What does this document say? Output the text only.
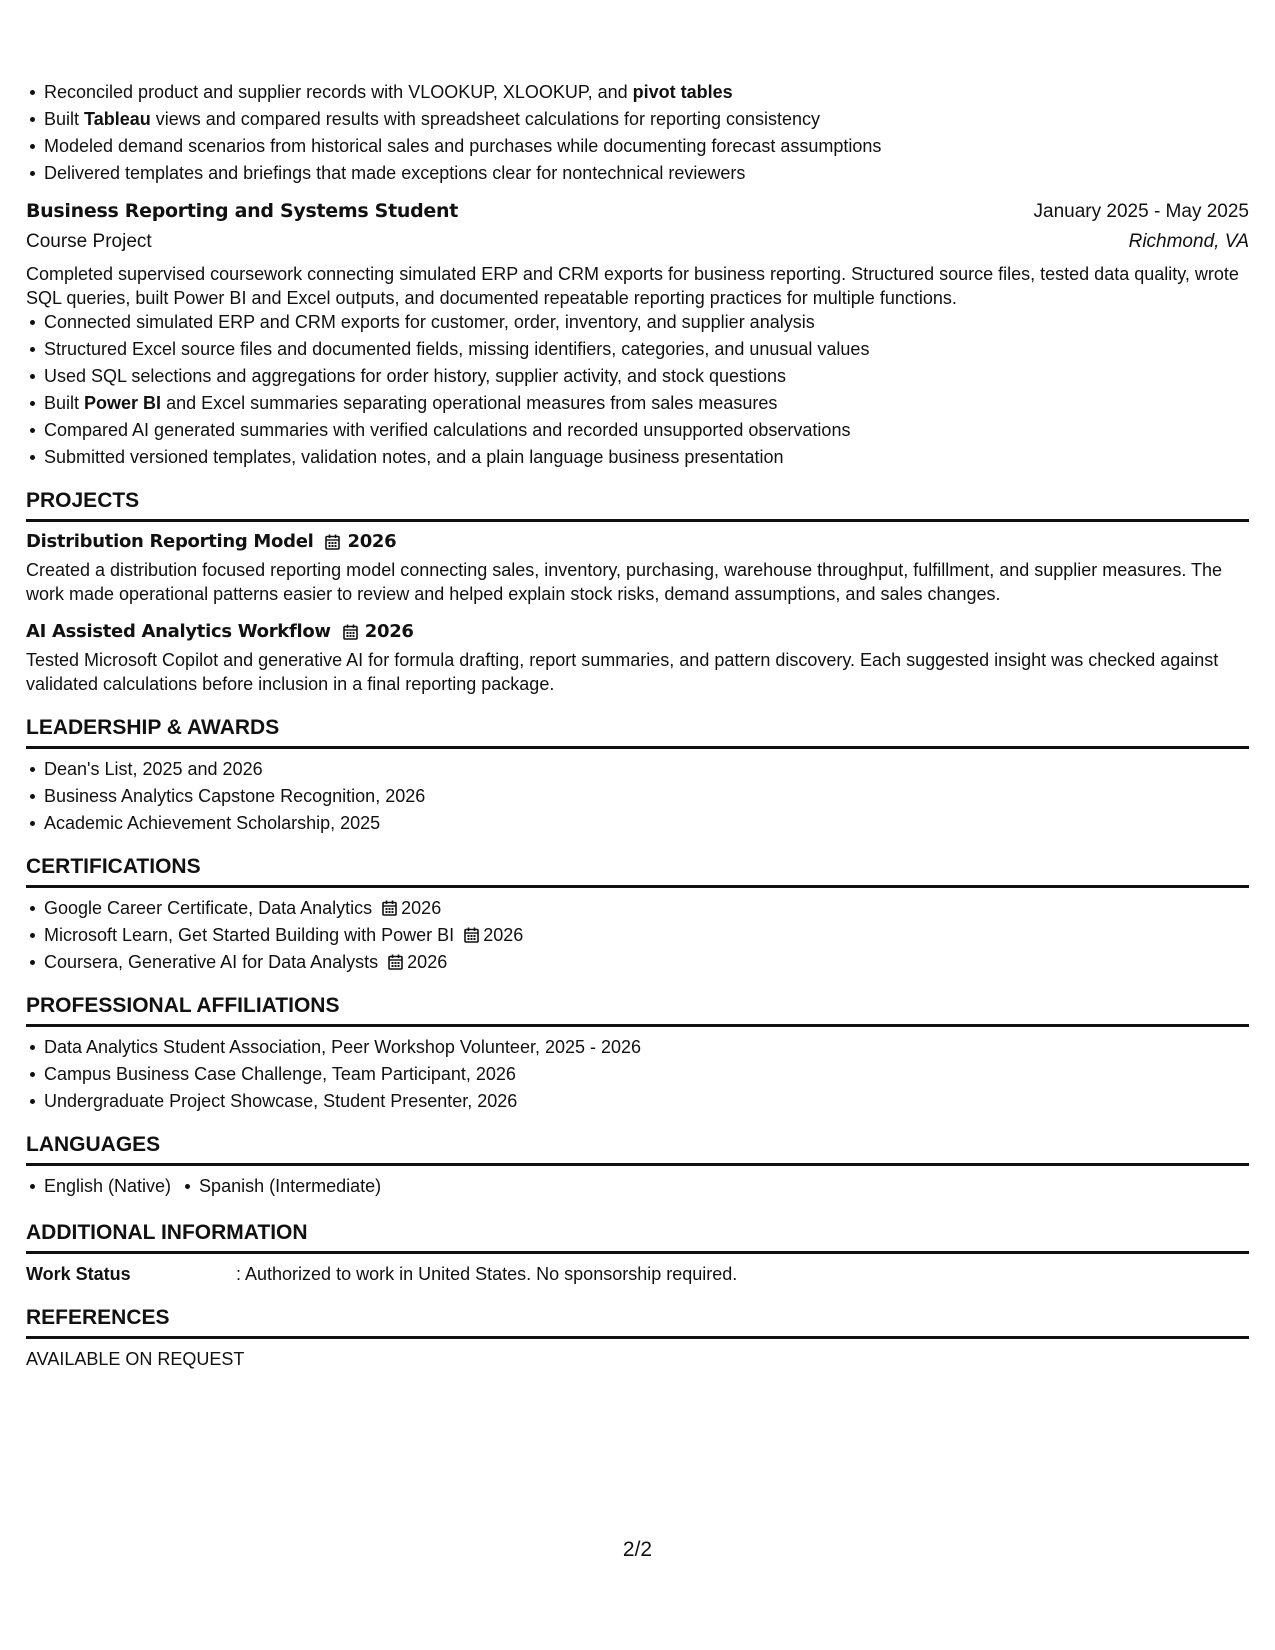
Reconciled product and supplier records with VLOOKUP, XLOOKUP, and pivot tables
Built Tableau views and compared results with spreadsheet calculations for reporting consistency
Modeled demand scenarios from historical sales and purchases while documenting forecast assumptions
Delivered templates and briefings that made exceptions clear for nontechnical reviewers
Business Reporting and Systems Student	January 2025 - May 2025
Course Project	Richmond, VA
Completed supervised coursework connecting simulated ERP and CRM exports for business reporting. Structured source files, tested data quality, wrote SQL queries, built Power BI and Excel outputs, and documented repeatable reporting practices for multiple functions.
Connected simulated ERP and CRM exports for customer, order, inventory, and supplier analysis
Structured Excel source files and documented fields, missing identifiers, categories, and unusual values
Used SQL selections and aggregations for order history, supplier activity, and stock questions
Built Power BI and Excel summaries separating operational measures from sales measures
Compared AI generated summaries with verified calculations and recorded unsupported observations
Submitted versioned templates, validation notes, and a plain language business presentation
PROJECTS
Distribution Reporting Model 2026
Created a distribution focused reporting model connecting sales, inventory, purchasing, warehouse throughput, fulfillment, and supplier measures. The work made operational patterns easier to review and helped explain stock risks, demand assumptions, and sales changes.
AI Assisted Analytics Workflow 2026
Tested Microsoft Copilot and generative AI for formula drafting, report summaries, and pattern discovery. Each suggested insight was checked against validated calculations before inclusion in a final reporting package.
LEADERSHIP & AWARDS
Dean's List, 2025 and 2026
Business Analytics Capstone Recognition, 2026
Academic Achievement Scholarship, 2025
CERTIFICATIONS
Google Career Certificate, Data Analytics 2026
Microsoft Learn, Get Started Building with Power BI 2026
Coursera, Generative AI for Data Analysts 2026
PROFESSIONAL AFFILIATIONS
Data Analytics Student Association, Peer Workshop Volunteer, 2025 - 2026
Campus Business Case Challenge, Team Participant, 2026
Undergraduate Project Showcase, Student Presenter, 2026
LANGUAGES
English (Native) Spanish (Intermediate)
ADDITIONAL INFORMATION
Work Status	: Authorized to work in United States. No sponsorship required.
REFERENCES
AVAILABLE ON REQUEST
2/2
